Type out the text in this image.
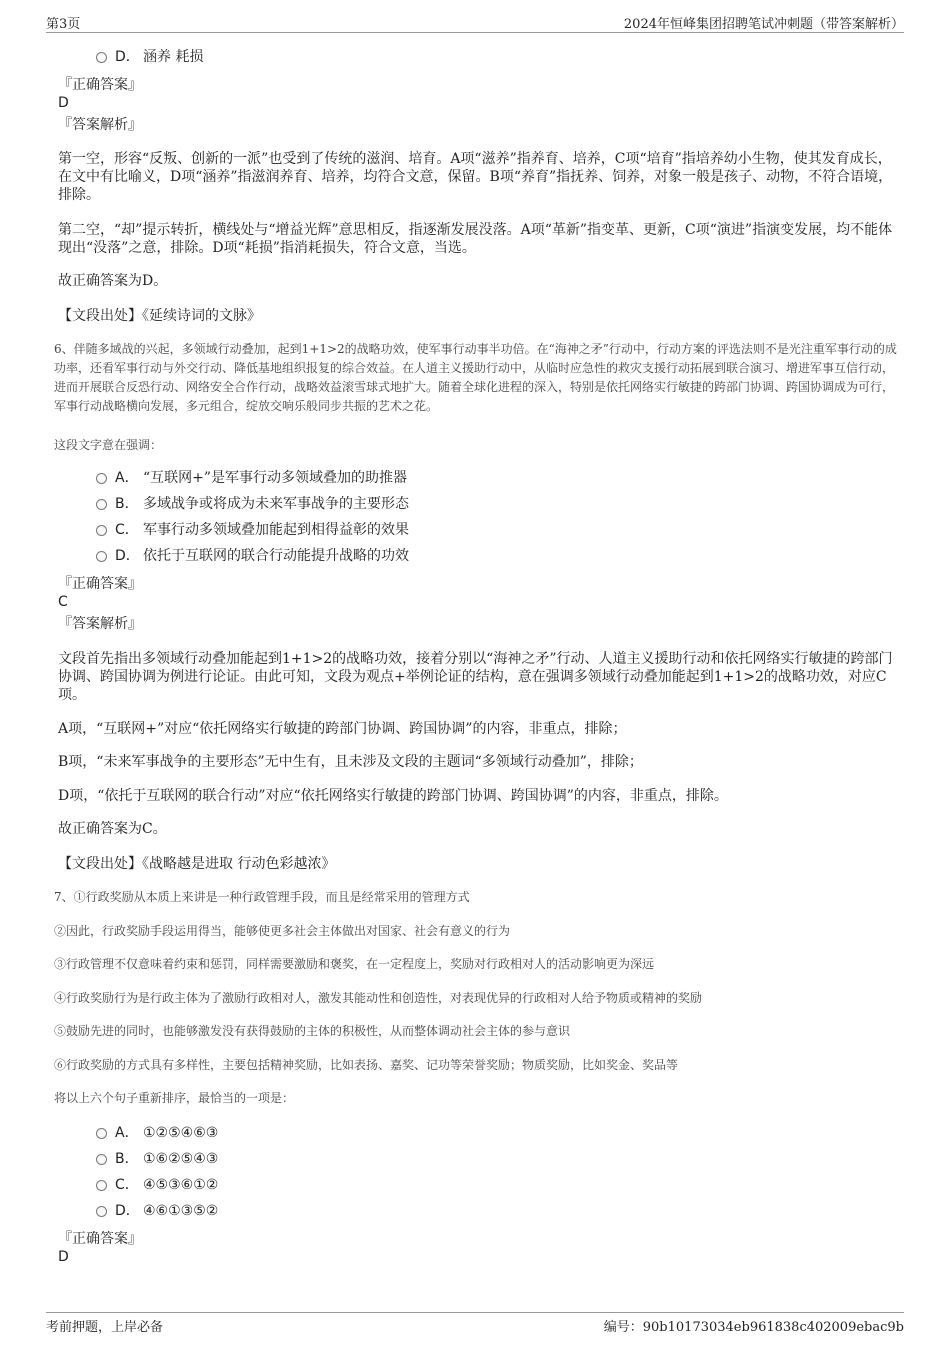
第3页	2024年恒峰集团招聘笔试冲刺题（带答案解析）
D． 涵养 耗损
『正确答案』
D
『答案解析』

第一空，形容“反叛、创新的一派”也受到了传统的滋润、培育。A项“滋养”指养育、培养，C项“培育”指培养幼小生物，使其发育成长，在文中有比喻义，D项“涵养”指滋润养育、培养，均符合文意，保留。B项“养育”指抚养、饲养，对象一般是孩子、动物，不符合语境，排除。

第二空，“却”提示转折，横线处与“增益光辉”意思相反，指逐渐发展没落。A项“革新”指变革、更新，C项“演进”指演变发展，均不能体现出“没落”之意，排除。D项“耗损”指消耗损失，符合文意，当选。

故正确答案为D。

【文段出处】《延续诗词的文脉》

6、伴随多域战的兴起，多领域行动叠加，起到1+1>2的战略功效，使军事行动事半功倍。在“海神之矛”行动中，行动方案的评选法则不是光注重军事行动的成功率，还看军事行动与外交行动、降低基地组织报复的综合效益。在人道主义援助行动中，从临时应急性的救灾支援行动拓展到联合演习、增进军事互信行动，进而开展联合反恐行动、网络安全合作行动，战略效益滚雪球式地扩大。随着全球化进程的深入，特别是依托网络实行敏捷的跨部门协调、跨国协调成为可行，军事行动战略横向发展，多元组合，绽放交响乐般同步共振的艺术之花。

这段文字意在强调：
A． “互联网+”是军事行动多领域叠加的助推器
B． 多域战争或将成为未来军事战争的主要形态
C． 军事行动多领域叠加能起到相得益彰的效果
D． 依托于互联网的联合行动能提升战略的功效
『正确答案』
C
『答案解析』

文段首先指出多领域行动叠加能起到1+1>2的战略功效，接着分别以“海神之矛”行动、人道主义援助行动和依托网络实行敏捷的跨部门协调、跨国协调为例进行论证。由此可知，文段为观点+举例论证的结构，意在强调多领域行动叠加能起到1+1>2的战略功效，对应C项。

A项，“互联网+”对应“依托网络实行敏捷的跨部门协调、跨国协调”的内容，非重点，排除；

B项，“未来军事战争的主要形态”无中生有，且未涉及文段的主题词“多领域行动叠加”，排除；

D项，“依托于互联网的联合行动”对应“依托网络实行敏捷的跨部门协调、跨国协调”的内容，非重点，排除。

故正确答案为C。

【文段出处】《战略越是进取 行动色彩越浓》
7、①行政奖励从本质上来讲是一种行政管理手段，而且是经常采用的管理方式
②因此，行政奖励手段运用得当，能够使更多社会主体做出对国家、社会有意义的行为
③行政管理不仅意味着约束和惩罚，同样需要激励和褒奖，在一定程度上，奖励对行政相对人的活动影响更为深远
④行政奖励行为是行政主体为了激励行政相对人，激发其能动性和创造性，对表现优异的行政相对人给予物质或精神的奖励
⑤鼓励先进的同时，也能够激发没有获得鼓励的主体的积极性，从而整体调动社会主体的参与意识
⑥行政奖励的方式具有多样性，主要包括精神奖励，比如表扬、嘉奖、记功等荣誉奖励；物质奖励，比如奖金、奖品等
将以上六个句子重新排序，最恰当的一项是：
A． ①②⑤④⑥③
B． ①⑥②⑤④③
C． ④⑤③⑥①②
D． ④⑥①③⑤②
『正确答案』
D
考前押题，上岸必备	编号：90b10173034eb961838c402009ebac9b
